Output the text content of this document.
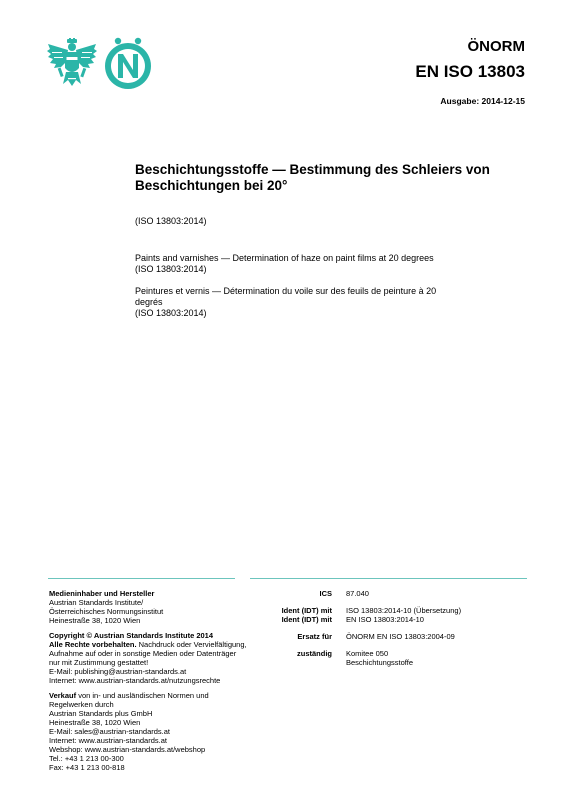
ÖNORM
EN ISO 13803
Ausgabe: 2014-12-15
Beschichtungsstoffe — Bestimmung des Schleiers von Beschichtungen bei 20°
(ISO 13803:2014)
Paints and varnishes — Determination of haze on paint films at 20 degrees
(ISO 13803:2014)
Peintures et vernis — Détermination du voile sur des feuils de peinture à 20 degrés
(ISO 13803:2014)

Medieninhaber und Hersteller
Austrian Standards Institute/
Österreichisches Normungsinstitut
Heinestraße 38, 1020 Wien

Copyright © Austrian Standards Institute 2014
Alle Rechte vorbehalten. Nachdruck oder Vervielfältigung, Aufnahme auf oder in sonstige Medien oder Datenträger nur mit Zustimmung gestattet!
E-Mail: publishing@austrian-standards.at
Internet: www.austrian-standards.at/nutzungsrechte

Verkauf von in- und ausländischen Normen und Regelwerken durch
Austrian Standards plus GmbH
Heinestraße 38, 1020 Wien
E-Mail: sales@austrian-standards.at
Internet: www.austrian-standards.at
Webshop: www.austrian-standards.at/webshop
Tel.: +43 1 213 00-300
Fax: +43 1 213 00-818

ICS 87.040
Ident (IDT) mit
Ident (IDT) mit
ISO 13803:2014-10 (Übersetzung)
EN ISO 13803:2014-10
Ersatz für ÖNORM EN ISO 13803:2004-09
zuständig Komitee 050
Beschichtungsstoffe
